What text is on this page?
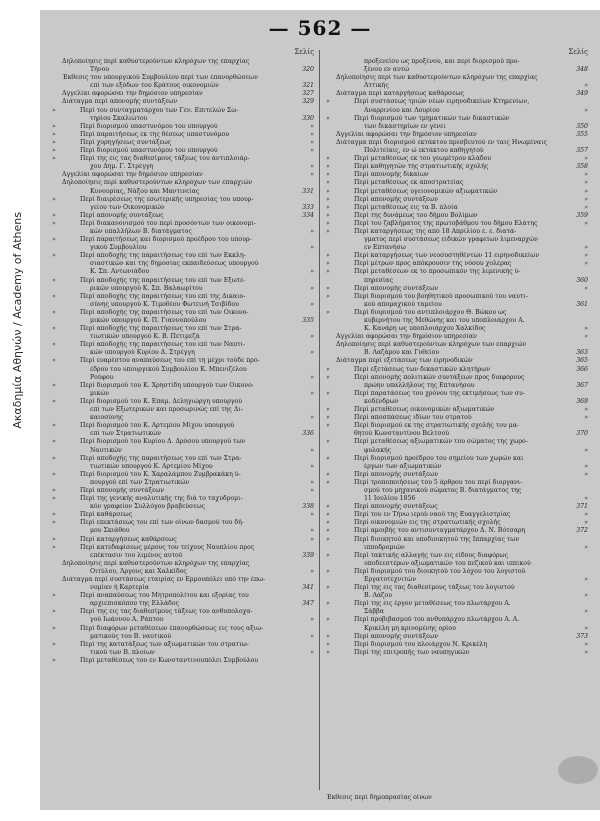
Ακαδημία Αθηνών / Academy of Athens
— 562 —
Σελίς
Δηλοποίησις περί καθυστερούντων κληρόχων της επαρχίας
Τήνου	320
Έκθεσις του υπουργικού Συμβουλίου περί των έπανορθώσεων
επί των εξόδων του Κράτους οικονομιών	321
Αγγελίαι αφορώσαι την δημόσιον υπηρεσίαν	327
Διάταγμα περί απονομής συντάξεων	329
»	Περί του συνταγματάρχου των Γεν. Επιτελών Σω-
τηρίου Σκαλιώτου	330
»	Περί διορισμού υπαστυνόμου του υπουργού	»
»	Περί παραιτήσεως εκ της θέσεως υπαστυνόμου	»
»	Περί χορηγήσεως συντάξεως	»
»	Περί διορισμού υπαστυνόμου του υπουργού	»
»	Περί της εις τας διαθεσίμους τάξεως του άντιπλοιάρ-
χου Δημ. Γ. Στρέγγη	»
Αγγελίαι αφορώσαι την δημόσιον υπηρεσίαν	»
Δηλοποίησις περί καθυστερούντων κληρόχων των επαρχιών
Κυνουρίας, Νάξου και Μαντινείας	331
»	Περί διαιρέσεως της εσωτερικής υπηρεσίας του υπουρ-
γείου των Οικονομικών	333
»	Περί απονομής συντάξεως	334
»	Περί διακανονισμού του περί προσόντων των οικονομι-
κών υπαλλήλων Β. διατάγματος	»
»	Περί παραιτήσεως και διορισμού προέδρου του υπουρ-
γικού Συμβουλίου	»
»	Περί αποδοχής της παραιτήσεως του επί των Εκκλη-
σιαστικών και της δημοσίας εκπαιδεύσεως υπουργού
Κ. Σπ. Αντωνιάδου	»
»	Περί αποδοχής της παραιτήσεως του επί των Εξωτε-
ρικών υπουργού Κ. Σπ. Βαλαωρίτου	»
»	Περί αποδοχής της παραιτήσεως του επί της Δικαιο-
σύνης υπουργού Κ. Τιμοθέου Φωτεινή Τσιβίδου	»
»	Περί αποδοχής της παραιτήσεως του επί των Οικονο-
μικών υπουργού Κ. Π. Γιαννοπούλου	335
»	Περί αποδοχής της παραιτήσεως του επί των Στρα-
τιωτικών υπουργού Κ. Β. Πετιμεζά	»
»	Περί αποδοχής της παραιτήσεως του επί των Ναυτι-
κών υπουργού Κυρίου Δ. Στρέγγη	»
»	Περί ευαρέστου αναπαύσεως του επί τη μέχρι τούδε προ-
έδρου του υπουργικού Συμβουλίου Κ. Μπενιζέλου
Ρούφου	»
»	Περί διορισμού του Κ. Χρηστίδη υπουργού των Οικονο-
μικών	»
»	Περί διορισμού του Κ. Επαμ. Δεληγιώργη υπουργού
επί των Εξωτερικών και προσωρινώς επί της Δι-
καιοσύνης	»
»	Περί διορισμού του Κ. Αρτεμίου Μίχου υπουργού
επί των Στρατιωτικών	336
»	Περί διορισμού του Κυρίου Δ. Δρόσου υπουργού των
Ναυτικών	»
»	Περί αποδοχής της παραιτήσεως του επί των Στρα-
τιωτικών υπουργού Κ. Αρτεμίου Μίχου	»
»	Περί διορισμού του Κ. Χαραλάμπου Ζυμβρακάκη ύ-
πουργού επί των Στρατιωτικών	»
»	Περί απονομής συντάξεων	»
»	Περί της γενικής αναλυτικής της διά το ταχυδρομι-
κόν γραφείον Συλλόγου βραβεύσεως	338
»	Περί καθάρσεως	»
»	Περί επεκτάσεως του επί των οίνων δασμού του δή-
μου Σκιάθου	»
»	Περί καταργήσεως καθάρσεως	»
»	Περί κατεδαφίσεως μέρους του τείχους Ναυπλίου προς
επέκτασιν του λιμένος αυτού	339
Δηλοποίησις περί καθυστερούντων κληρόχων της επαρχίας
Οιτύλου, Άργους και Χαλκίδος	»
Διάταγμα περί συστάσεως εταιρίας εν Ερμουπόλει υπό την έπω-
νυμίαν ή Καρτερία	341
»	Περί αναπαύσεως του Μητροπολίτου και εξορίας του
αρχιεπισκόπου της Ελλάδος	347
»	Περί της εις τας διαθεσίμους τάξεως του ανθυπολοχα-
γού Ιωάννου Α. Ράπτου	»
»	Περί διαφόρων μεταθέσεων έπανορθώσεως εις τους αξιω-
ματικούς του Β. ναυτικού	»
»	Περί της κατατάξεως των αξιωματικών του στρατιω-
τικού των Β. πλοίων	»
»	Περί μεταθέσεως του εν Κωνσταντινουπόλει Συμβούλου
Σελίς
προξενείου ως προξένου, και περί διορισμού προ-
ξένου εν αυτώ	348
Δηλοποίησις περί των καθυστερούντων κληρόχων της επαρχίας
Αττικής	»
Διάταγμα περί καταργήσεως καθάρσεως	349
»	Περί συστάσεως τριών νέων ειρηνοδικείων Κτημενίων,
Αναρρινίου και Λουρίου	»
»	Περί διορισμού των τμηματικών των δικαστικών
των δικαστηρίων εν γένει	350
Αγγελίαι αφορώσαι την δημόσιον υπηρεσίαν	355
Διάταγμα περί διορισμού εκτάκτου πρεσβευτού εν ταις Ηνωμέναις
Πολιτείαις, εν ώ εκτάκτου καθηγητού	357
»	Περί μεταθέσεως εκ του γεωμέτρου κλάδου	»
»	Περί καθηγητών της στρατιωτικής σχολής	358
»	Περί απονομής δικαίων	»
»	Περί μεταθέσεως εκ αποστρατείας	»
»	Περί μεταθέσεως υγειονομικών αξιωματικών	»
»	Περί απονομής συντάξεων	»
»	Περί μεταθέσεως εις τα Β. πλοία	»
»	Περί της δυνάμεως του δήμου Βολίμων	359
»	Περί του ζαβλήματος της πρωτοβάθμου του δήμου Ελάτης	»
»	Περί καταργήσεως της από 18 Απριλίου ε. ε. διατά-
γματος περί συστάσεως ειδικών γραφείων λιμεναρχών
εν Επτανήσω	»
»	Περί καταργήσεως των νεοσυστηθέντων 11 ειρηνοδικείων	»
»	Περί μέτρων προς απόκρουσιν της νόσου χολέρας	»
»	Περί μεταθέσεων εκ το προσωπικόν της λιμενικής ύ-
πηρεσίας	360
»	Περί απονομής συντάξεων	»
»	Περί διορισμού του βοηθητικού προσωπικού του ναυτι-
κού απομαχικού ταμείου	361
»	Περί διορισμού του αντιπλοιάρχου Θ. Βώκου ως
κυβερνήτου της Μεθώνης και του υποπλοιάρχου Α.
Κ. Κανάρη ως υποπλοιάρχου Χαλκίδος	»
Αγγελίαι αφορώσαι την δημόσιον υπηρεσίαν	»
Δηλοποίησις περί καθυστερούντων κληρόχων των επαρχιών
Β. Λαζάρου και Γυθείου	363
Διάταγμα περί εξετάσεως των ειρηνοδικών	365
»	Περί εξετάσεως των δικαστικών κλητήρων	366
»	Περί απονομής πολιτικών συντάξεων προς διαφόρους
πρώην υπαλλήλους της Επτανήσου	367
»	Περί παρατάσεως του χρόνου της εκτιμήσεως των συ-
κοδένδρων	369
»	Περί μεταθέσεως οικονομικών αξιωματικών	»
»	Περί αποσπάσεως ιδίων του στρατού	»
»	Περί διορισμού εκ της στρατιωτικής σχολής του μα-
θητού Κωνσταντίνου Βελτσού	370
»	Περί μεταθέσεως αξιωματικών του σώματος της χωρο-
φυλακής	»
»	Περί διορισμού προέδρου του σημείου των χωρών και
έργων των αξιωματικών	»
»	Περί απονομής συντάξεων	»
»	Περί τροποποιήσεως του 5 άρθρου του περί διοργανι-
σμού του μηχανικού σώματος Β. διατάγματος της
11 Ιουλίου 1856	»
»	Περί απονομής συντάξεως	371
»	Περί του εν Τήνω ιερού ναού της Ευαγγελιστρίας	»
»	Περί οικονομιών εις της στρατιωτικής σχολής	»
»	Περί αμοιβής του αντισυνταγματάρχου Δ. Ν. Βότσαρη	372
»	Περί διοικητού και υποδιοικητού της Ιππαρχίας των
ιπποδρομιών	»
»	Περί τακτικής αλλαγής των εις είδους διαφόρως
υποδεεστέρων αξιωματικών του πεζικού και ιππικού
»	Περί διορισμού του διοικητού του λόχου του λογιστού
Εργατοτεχνιτών	»
»	Περί της εις τας διαθεσίμους τάξεως του λογιστού
Β. Λάζου	»
»	Περί της εις έργον μεταθέσεως του πλωτάρχου Α.
Σάββα	»
»	Περί προβιβασμού του ανθυπάρχου πλωτάρχου Α. Α.
Κρικέλη μη κρινομένης ορίου	»
»	Περί απονομής συντάξεων	373
»	Περί διορισμού του πλοιάρχου Ν. Κρικέλη	»
»	Περί της επιτροπής των ναυπηγικών	»
Έκθεσις περί δημοπρασίας οίνων
